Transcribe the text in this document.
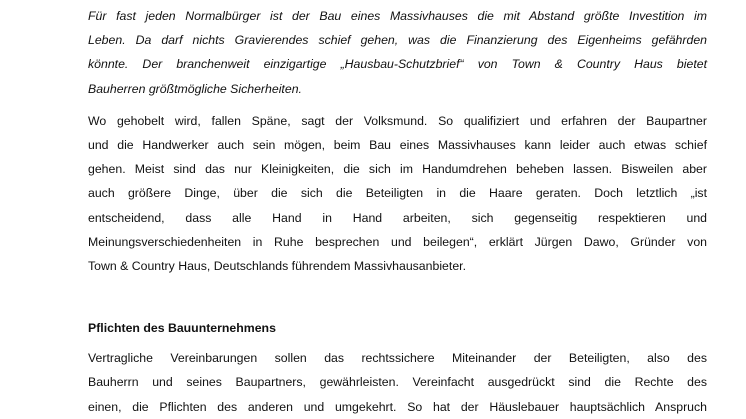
Für fast jeden Normalbürger ist der Bau eines Massivhauses die mit Abstand größte Investition im
Leben. Da darf nichts Gravierendes schief gehen, was die Finanzierung des Eigenheims gefährden
könnte. Der branchenweit einzigartige „Hausbau-Schutzbrief“ von Town & Country Haus bietet
Bauherren größtmögliche Sicherheiten.

Wo gehobelt wird, fallen Späne, sagt der Volksmund. So qualifiziert und erfahren der Baupartner
und die Handwerker auch sein mögen, beim Bau eines Massivhauses kann leider auch etwas schief
gehen. Meist sind das nur Kleinigkeiten, die sich im Handumdrehen beheben lassen. Bisweilen aber
auch größere Dinge, über die sich die Beteiligten in die Haare geraten. Doch letztlich „ist
entscheidend, dass alle Hand in Hand arbeiten, sich gegenseitig respektieren und
Meinungsverschiedenheiten in Ruhe besprechen und beilegen“, erklärt Jürgen Dawo, Gründer von
Town & Country Haus, Deutschlands führendem Massivhausanbieter.

Pflichten des Bauunternehmens

Vertragliche Vereinbarungen sollen das rechtssichere Miteinander der Beteiligten, also des
Bauherrn und seines Baupartners, gewährleisten. Vereinfacht ausgedrückt sind die Rechte des
einen, die Pflichten des anderen und umgekehrt. So hat der Häuslebauer hauptsächlich Anspruch
